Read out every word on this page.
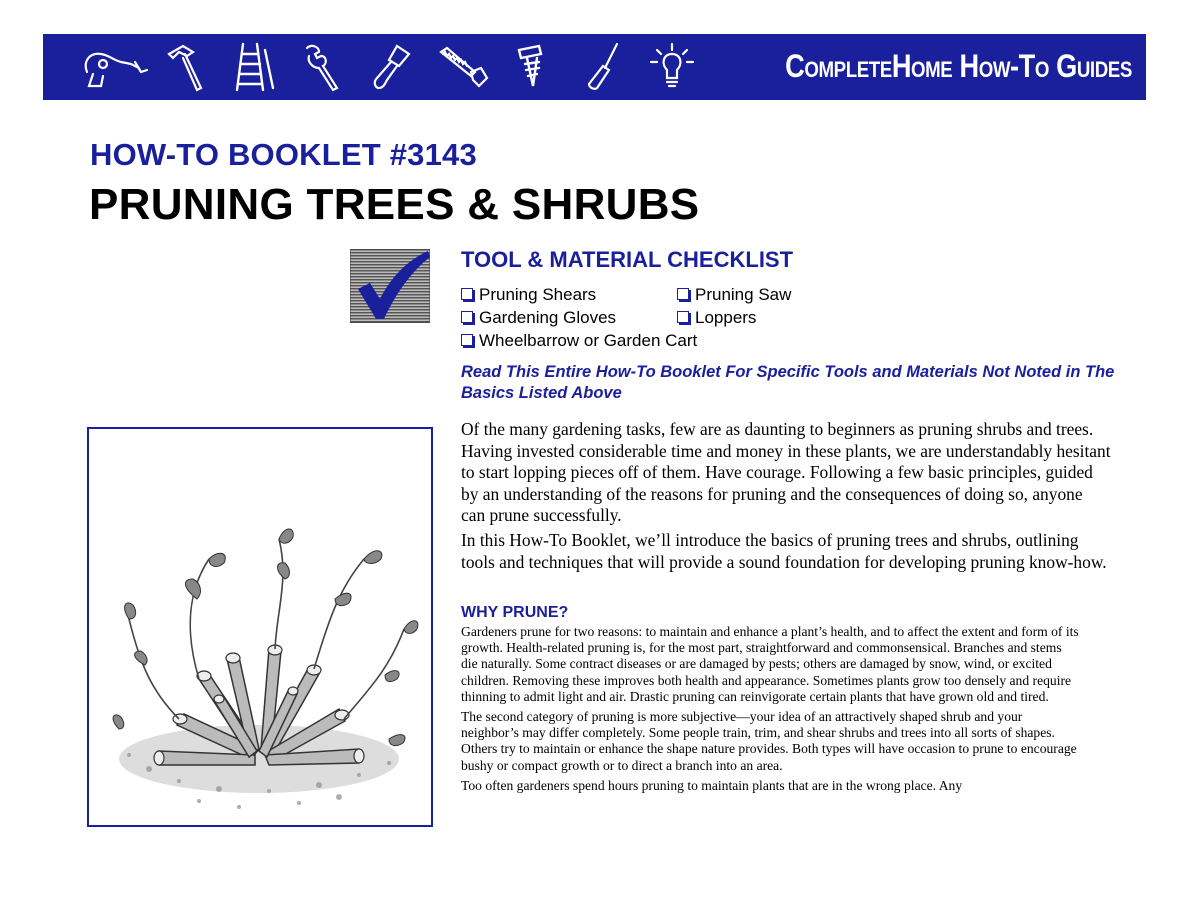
CompleteHome How-To Guides
HOW-TO BOOKLET #3143
PRUNING TREES & SHRUBS
TOOL & MATERIAL CHECKLIST
Pruning Shears	Pruning Saw
Gardening Gloves	Loppers
Wheelbarrow or Garden Cart
Read This Entire How-To Booklet For Specific Tools and Materials Not Noted in The Basics Listed Above

Of the many gardening tasks, few are as daunting to beginners as pruning shrubs and trees. Having invested considerable time and money in these plants, we are understandably hesitant to start lopping pieces off of them. Have courage. Following a few basic principles, guided by an understanding of the reasons for pruning and the consequences of doing so, anyone can prune successfully.

In this How-To Booklet, we’ll introduce the basics of pruning trees and shrubs, outlining tools and techniques that will provide a sound foundation for developing pruning know-how.

WHY PRUNE?

Gardeners prune for two reasons: to maintain and enhance a plant’s health, and to affect the extent and form of its growth. Health-related pruning is, for the most part, straightforward and commonsensical. Branches and stems die naturally. Some contract diseases or are damaged by pests; others are damaged by snow, wind, or excited children. Removing these improves both health and appearance. Sometimes plants grow too densely and require thinning to admit light and air. Drastic pruning can reinvigorate certain plants that have grown old and tired.

The second category of pruning is more subjective—your idea of an attractively shaped shrub and your neighbor’s may differ completely. Some people train, trim, and shear shrubs and trees into all sorts of shapes. Others try to maintain or enhance the shape nature provides. Both types will have occasion to prune to encourage bushy or compact growth or to direct a branch into an area.

Too often gardeners spend hours pruning to maintain plants that are in the wrong place. Any
